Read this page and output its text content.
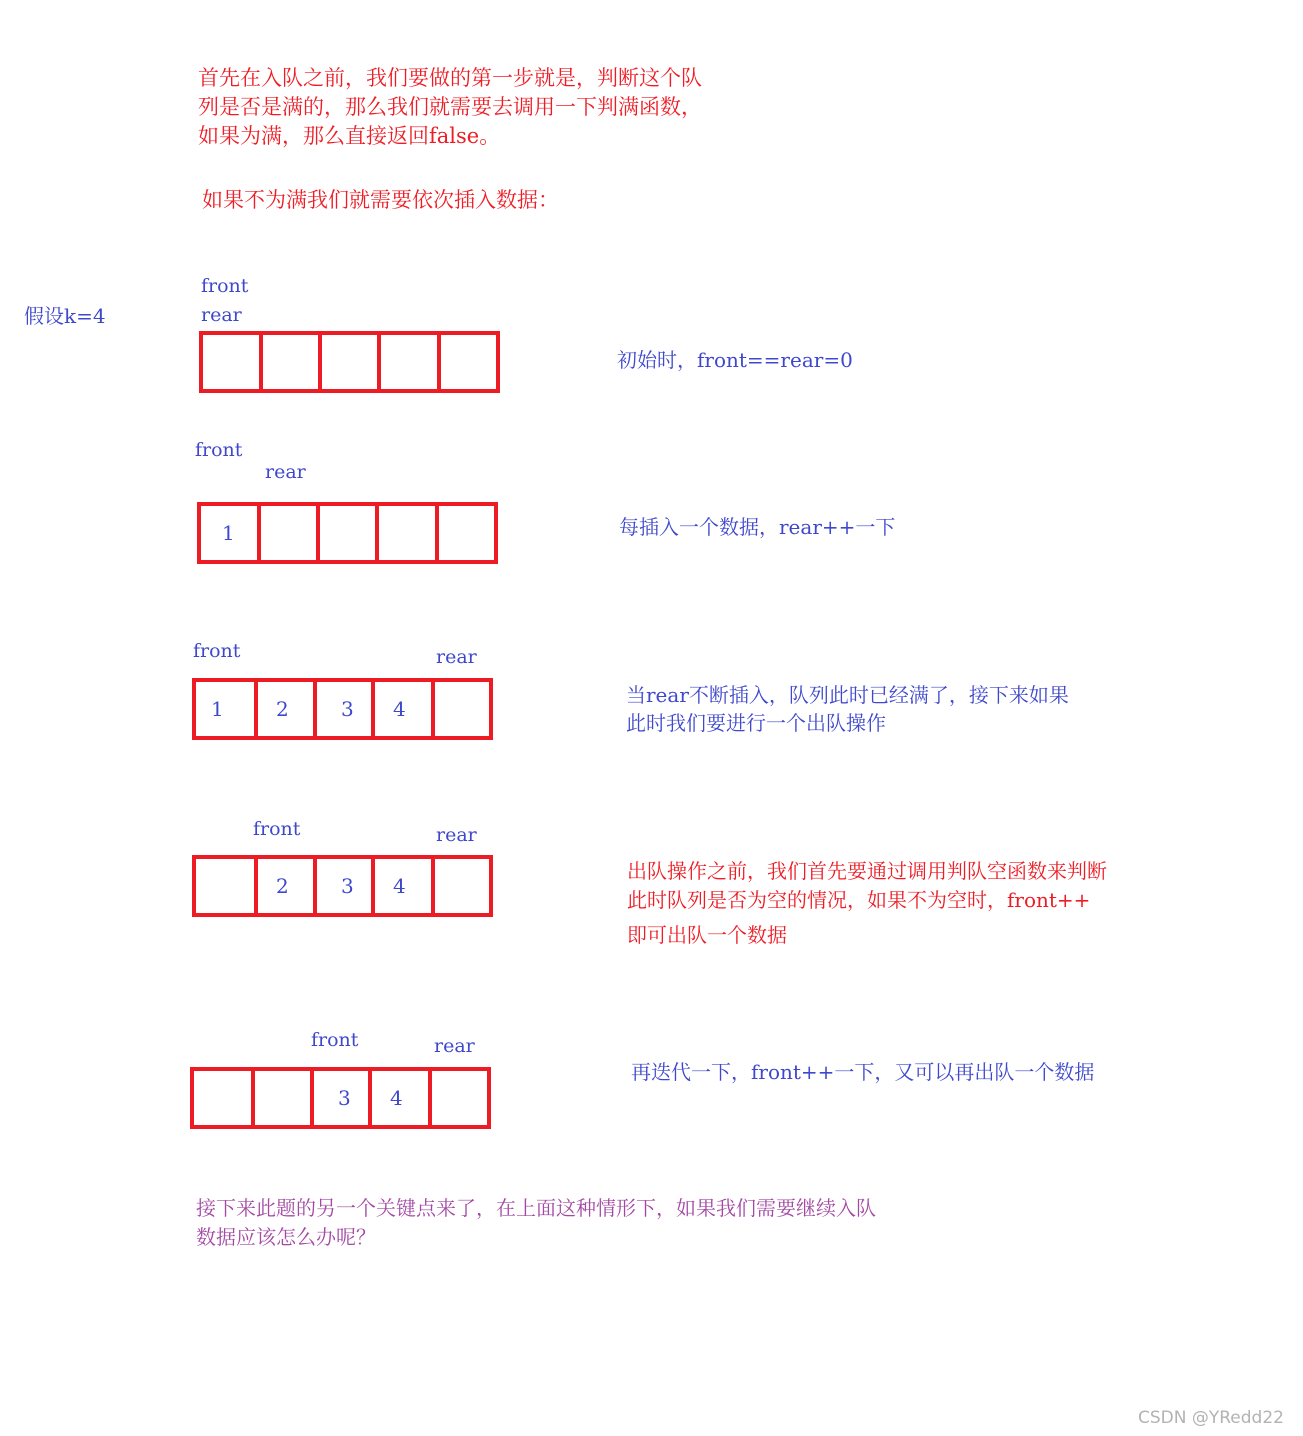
首先在入队之前，我们要做的第一步就是，判断这个队
列是否是满的，那么我们就需要去调用一下判满函数，
如果为满，那么直接返回false。
如果不为满我们就需要依次插入数据：
假设k=4
front
rear
初始时，front==rear=0
front
rear
1	每插入一个数据，rear++一下
front	rear
1	2	3	4
当rear不断插入，队列此时已经满了，接下来如果
此时我们要进行一个出队操作
front	rear
2	3	4
出队操作之前，我们首先要通过调用判队空函数来判断
此时队列是否为空的情况，如果不为空时，front++
即可出队一个数据
front	rear
3	4
再迭代一下，front++一下，又可以再出队一个数据
接下来此题的另一个关键点来了，在上面这种情形下，如果我们需要继续入队
数据应该怎么办呢？
CSDN @YRedd22
